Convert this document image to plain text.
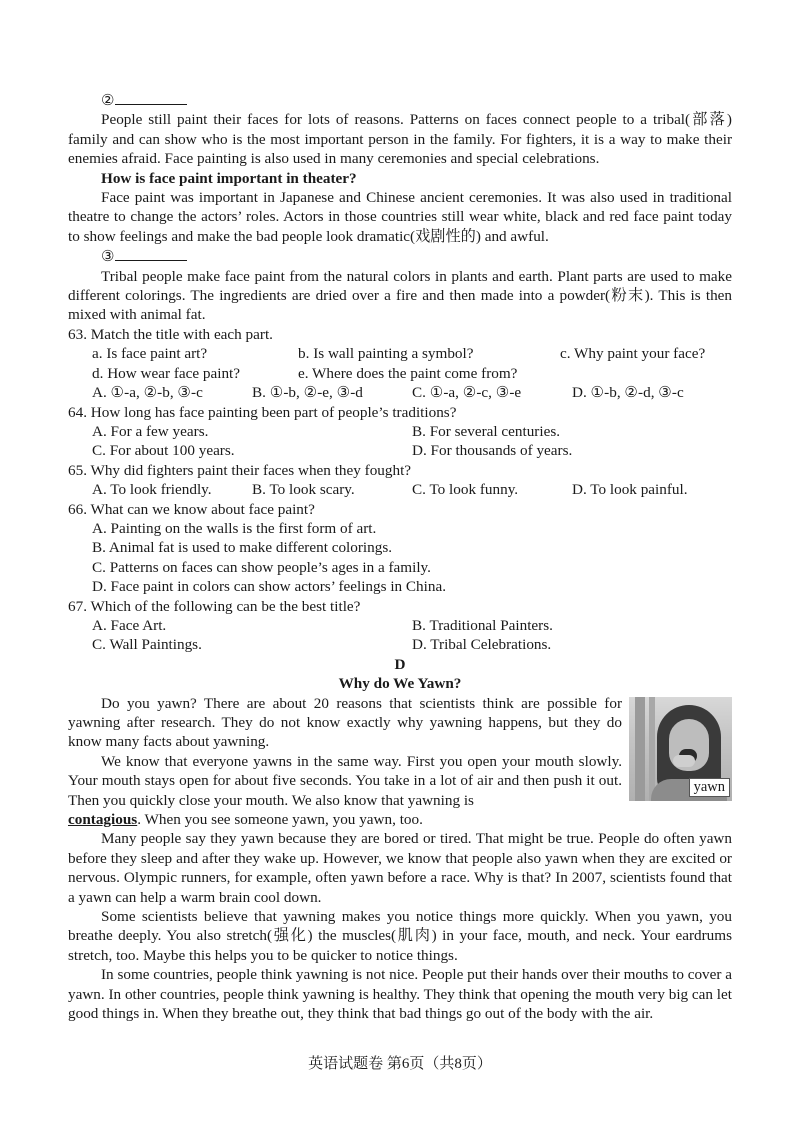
②

People still paint their faces for lots of reasons. Patterns on faces connect people to a tribal(部落) family and can show who is the most important person in the family. For fighters, it is a way to make their enemies afraid. Face painting is also used in many ceremonies and special celebrations.

How is face paint important in theater?

Face paint was important in Japanese and Chinese ancient ceremonies. It was also used in traditional theatre to change the actors’ roles. Actors in those countries still wear white, black and red face paint today to show feelings and make the bad people look dramatic(戏剧性的) and awful.

③

Tribal people make face paint from the natural colors in plants and earth. Plant parts are used to make different colorings. The ingredients are dried over a fire and then made into a powder(粉末). This is then mixed with animal fat.

63. Match the title with each part.

a. Is face paint art?	b. Is wall painting a symbol?	c. Why paint your face?
d. How wear face paint?	e. Where does the paint come from?
A. ①-a, ②-b, ③-c	B. ①-b, ②-e, ③-d	C. ①-a, ②-c, ③-e	D. ①-b, ②-d, ③-c

64. How long has face painting been part of people’s traditions?

A. For a few years.	B. For several centuries.
C. For about 100 years.	D. For thousands of years.

65. Why did fighters paint their faces when they fought?

A. To look friendly.	B. To look scary.	C. To look funny.	D. To look painful.

66. What can we know about face paint?

A. Painting on the walls is the first form of art.

B. Animal fat is used to make different colorings.

C. Patterns on faces can show people’s ages in a family.

D. Face paint in colors can show actors’ feelings in China.

67. Which of the following can be the best title?

A. Face Art.	B. Traditional Painters.
C. Wall Paintings.	D. Tribal Celebrations.

D

Why do We Yawn?

yawn

Do you yawn? There are about 20 reasons that scientists think are possible for yawning after research. They do not know exactly why yawning happens, but they do know many facts about yawning.

We know that everyone yawns in the same way. First you open your mouth slowly. Your mouth stays open for about five seconds. You take in a lot of air and then push it out. Then you quickly close your mouth. We also know that yawning is

contagious. When you see someone yawn, you yawn, too.

Many people say they yawn because they are bored or tired. That might be true. People do often yawn before they sleep and after they wake up. However, we know that people also yawn when they are excited or nervous. Olympic runners, for example, often yawn before a race. Why is that? In 2007, scientists found that a yawn can help a warm brain cool down.

Some scientists believe that yawning makes you notice things more quickly. When you yawn, you breathe deeply. You also stretch(强化) the muscles(肌肉) in your face, mouth, and neck. Your eardrums stretch, too. Maybe this helps you to be quicker to notice things.

In some countries, people think yawning is not nice. People put their hands over their mouths to cover a yawn. In other countries, people think yawning is healthy. They think that opening the mouth very big can let good things in. When they breathe out, they think that bad things go out of the body with the air.

英语试题卷 第6页（共8页）
